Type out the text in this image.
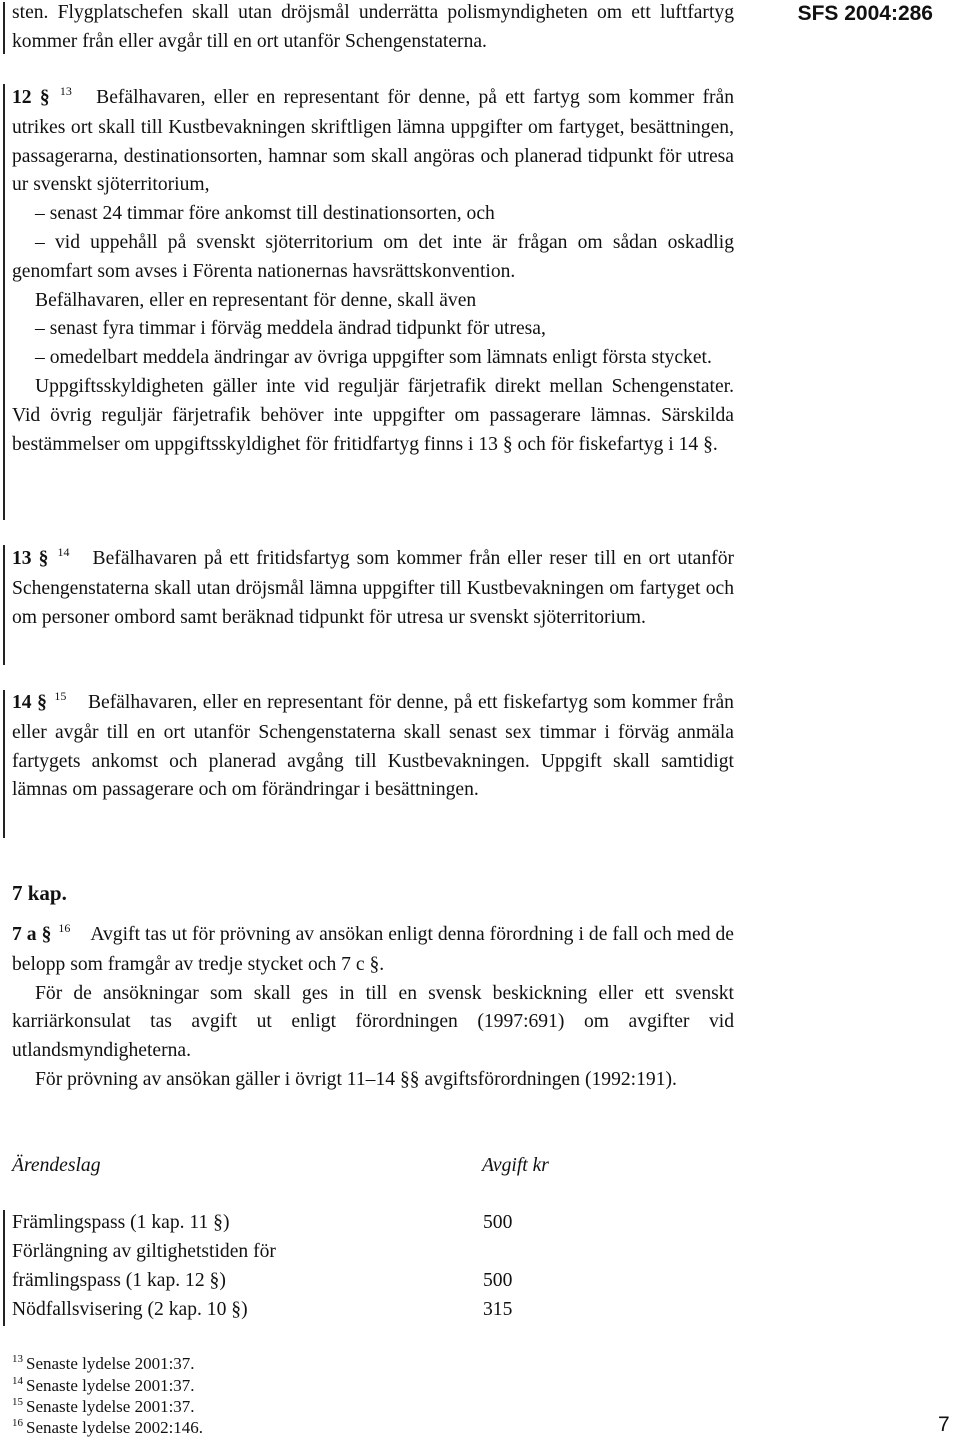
SFS 2004:286

sten. Flygplatschefen skall utan dröjsmål underrätta polismyndigheten om ett luftfartyg kommer från eller avgår till en ort utanför Schengenstaterna.

12 § $^{13}$ Befälhavaren, eller en representant för denne, på ett fartyg som kommer från utrikes ort skall till Kustbevakningen skriftligen lämna uppgifter om fartyget, besättningen, passagerarna, destinationsorten, hamnar som skall angöras och planerad tidpunkt för utresa ur svenskt sjöterritorium,

– senast 24 timmar före ankomst till destinationsorten, och

– vid uppehåll på svenskt sjöterritorium om det inte är frågan om sådan oskadlig genomfart som avses i Förenta nationernas havsrättskonvention.

Befälhavaren, eller en representant för denne, skall även

– senast fyra timmar i förväg meddela ändrad tidpunkt för utresa,

– omedelbart meddela ändringar av övriga uppgifter som lämnats enligt första stycket.

Uppgiftsskyldigheten gäller inte vid reguljär färjetrafik direkt mellan Schengenstater. Vid övrig reguljär färjetrafik behöver inte uppgifter om passagerare lämnas. Särskilda bestämmelser om uppgiftsskyldighet för fritidfartyg finns i 13 § och för fiskefartyg i 14 §.

13 § $^{14}$ Befälhavaren på ett fritidsfartyg som kommer från eller reser till en ort utanför Schengenstaterna skall utan dröjsmål lämna uppgifter till Kustbevakningen om fartyget och om personer ombord samt beräknad tidpunkt för utresa ur svenskt sjöterritorium.

14 § $^{15}$ Befälhavaren, eller en representant för denne, på ett fiskefartyg som kommer från eller avgår till en ort utanför Schengenstaterna skall senast sex timmar i förväg anmäla fartygets ankomst och planerad avgång till Kustbevakningen. Uppgift skall samtidigt lämnas om passagerare och om förändringar i besättningen.

7 kap.

7 a § $^{16}$ Avgift tas ut för prövning av ansökan enligt denna förordning i de fall och med de belopp som framgår av tredje stycket och 7 c §.

För de ansökningar som skall ges in till en svensk beskickning eller ett svenskt karriärkonsulat tas avgift ut enligt förordningen (1997:691) om avgifter vid utlandsmyndigheterna.

För prövning av ansökan gäller i övrigt 11–14 §§ avgiftsförordningen (1992:191).

Ärendeslag	Avgift kr
Främlingspass (1 kap. 11 §)	500
Förlängning av giltighetstiden för
främlingspass (1 kap. 12 §)	500
Nödfallsvisering (2 kap. 10 §)	315
$^{13}$ Senaste lydelse 2001:37.
$^{14}$ Senaste lydelse 2001:37.
$^{15}$ Senaste lydelse 2001:37.
$^{16}$ Senaste lydelse 2002:146.	7
